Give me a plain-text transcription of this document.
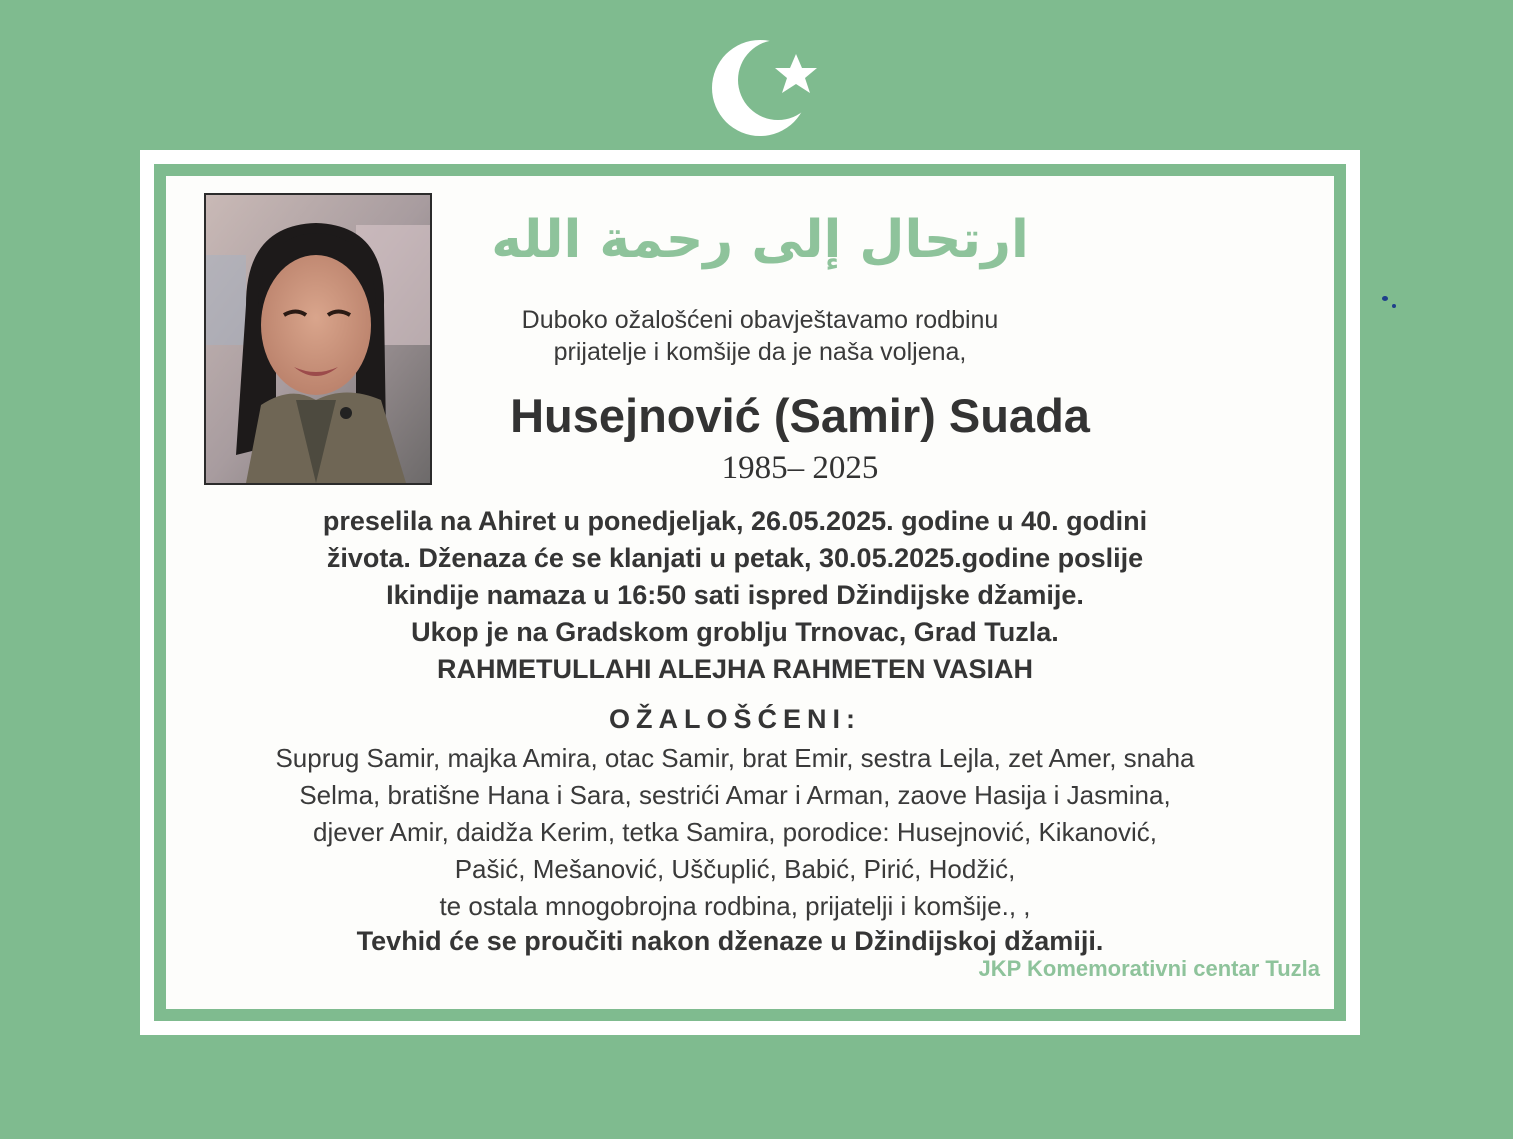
ارتحال إلى رحمة الله
Duboko ožalošćeni obavještavamo rodbinu
prijatelje i komšije da je naša voljena,
Husejnović (Samir) Suada
1985– 2025
preselila na Ahiret u ponedjeljak, 26.05.2025. godine u 40. godini
života. Dženaza će se klanjati u petak, 30.05.2025.godine poslije
Ikindije namaza u 16:50 sati ispred Džindijske džamije.
Ukop je na Gradskom groblju Trnovac, Grad Tuzla.
RAHMETULLAHI ALEJHA RAHMETEN VASIAH
OŽALOŠĆENI:
Suprug Samir, majka Amira, otac Samir, brat Emir, sestra Lejla, zet Amer, snaha
Selma, bratišne Hana i Sara, sestrići Amar i Arman, zaove Hasija i Jasmina,
djever Amir, daidža Kerim, tetka Samira, porodice: Husejnović, Kikanović,
Pašić, Mešanović, Uščuplić, Babić, Pirić, Hodžić,
te ostala mnogobrojna rodbina, prijatelji i komšije., ,
Tevhid će se proučiti nakon dženaze u Džindijskoj džamiji.
JKP Komemorativni centar Tuzla
